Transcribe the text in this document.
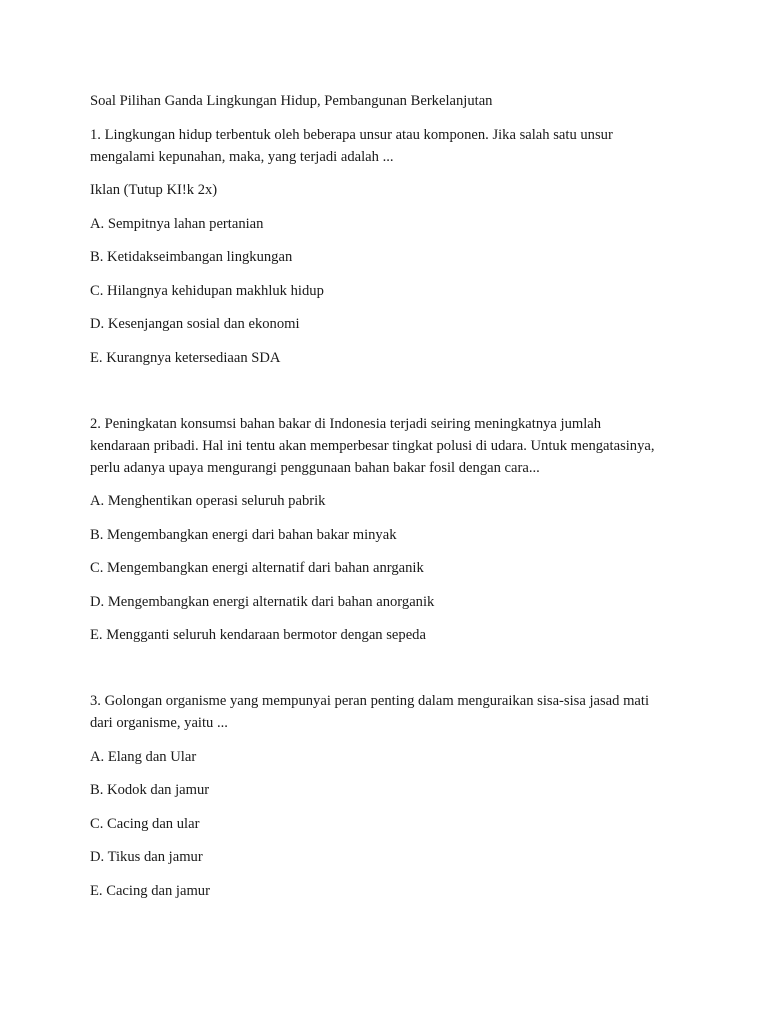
Soal Pilihan Ganda Lingkungan Hidup, Pembangunan Berkelanjutan

1. Lingkungan hidup terbentuk oleh beberapa unsur atau komponen. Jika salah satu unsur

mengalami kepunahan, maka, yang terjadi adalah ...

Iklan (Tutup KI!k 2x)

A. Sempitnya lahan pertanian

B. Ketidakseimbangan lingkungan

C. Hilangnya kehidupan makhluk hidup

D. Kesenjangan sosial dan ekonomi

E. Kurangnya ketersediaan SDA

2. Peningkatan konsumsi bahan bakar di Indonesia terjadi seiring meningkatnya jumlah

kendaraan pribadi. Hal ini tentu akan memperbesar tingkat polusi di udara. Untuk mengatasinya,

perlu adanya upaya mengurangi penggunaan bahan bakar fosil dengan cara...

A. Menghentikan operasi seluruh pabrik

B. Mengembangkan energi dari bahan bakar minyak

C. Mengembangkan energi alternatif dari bahan anrganik

D. Mengembangkan energi alternatik dari bahan anorganik

E. Mengganti seluruh kendaraan bermotor dengan sepeda

3. Golongan organisme yang mempunyai peran penting dalam menguraikan sisa-sisa jasad mati

dari organisme, yaitu ...

A. Elang dan Ular

B. Kodok dan jamur

C. Cacing dan ular

D. Tikus dan jamur

E. Cacing dan jamur
